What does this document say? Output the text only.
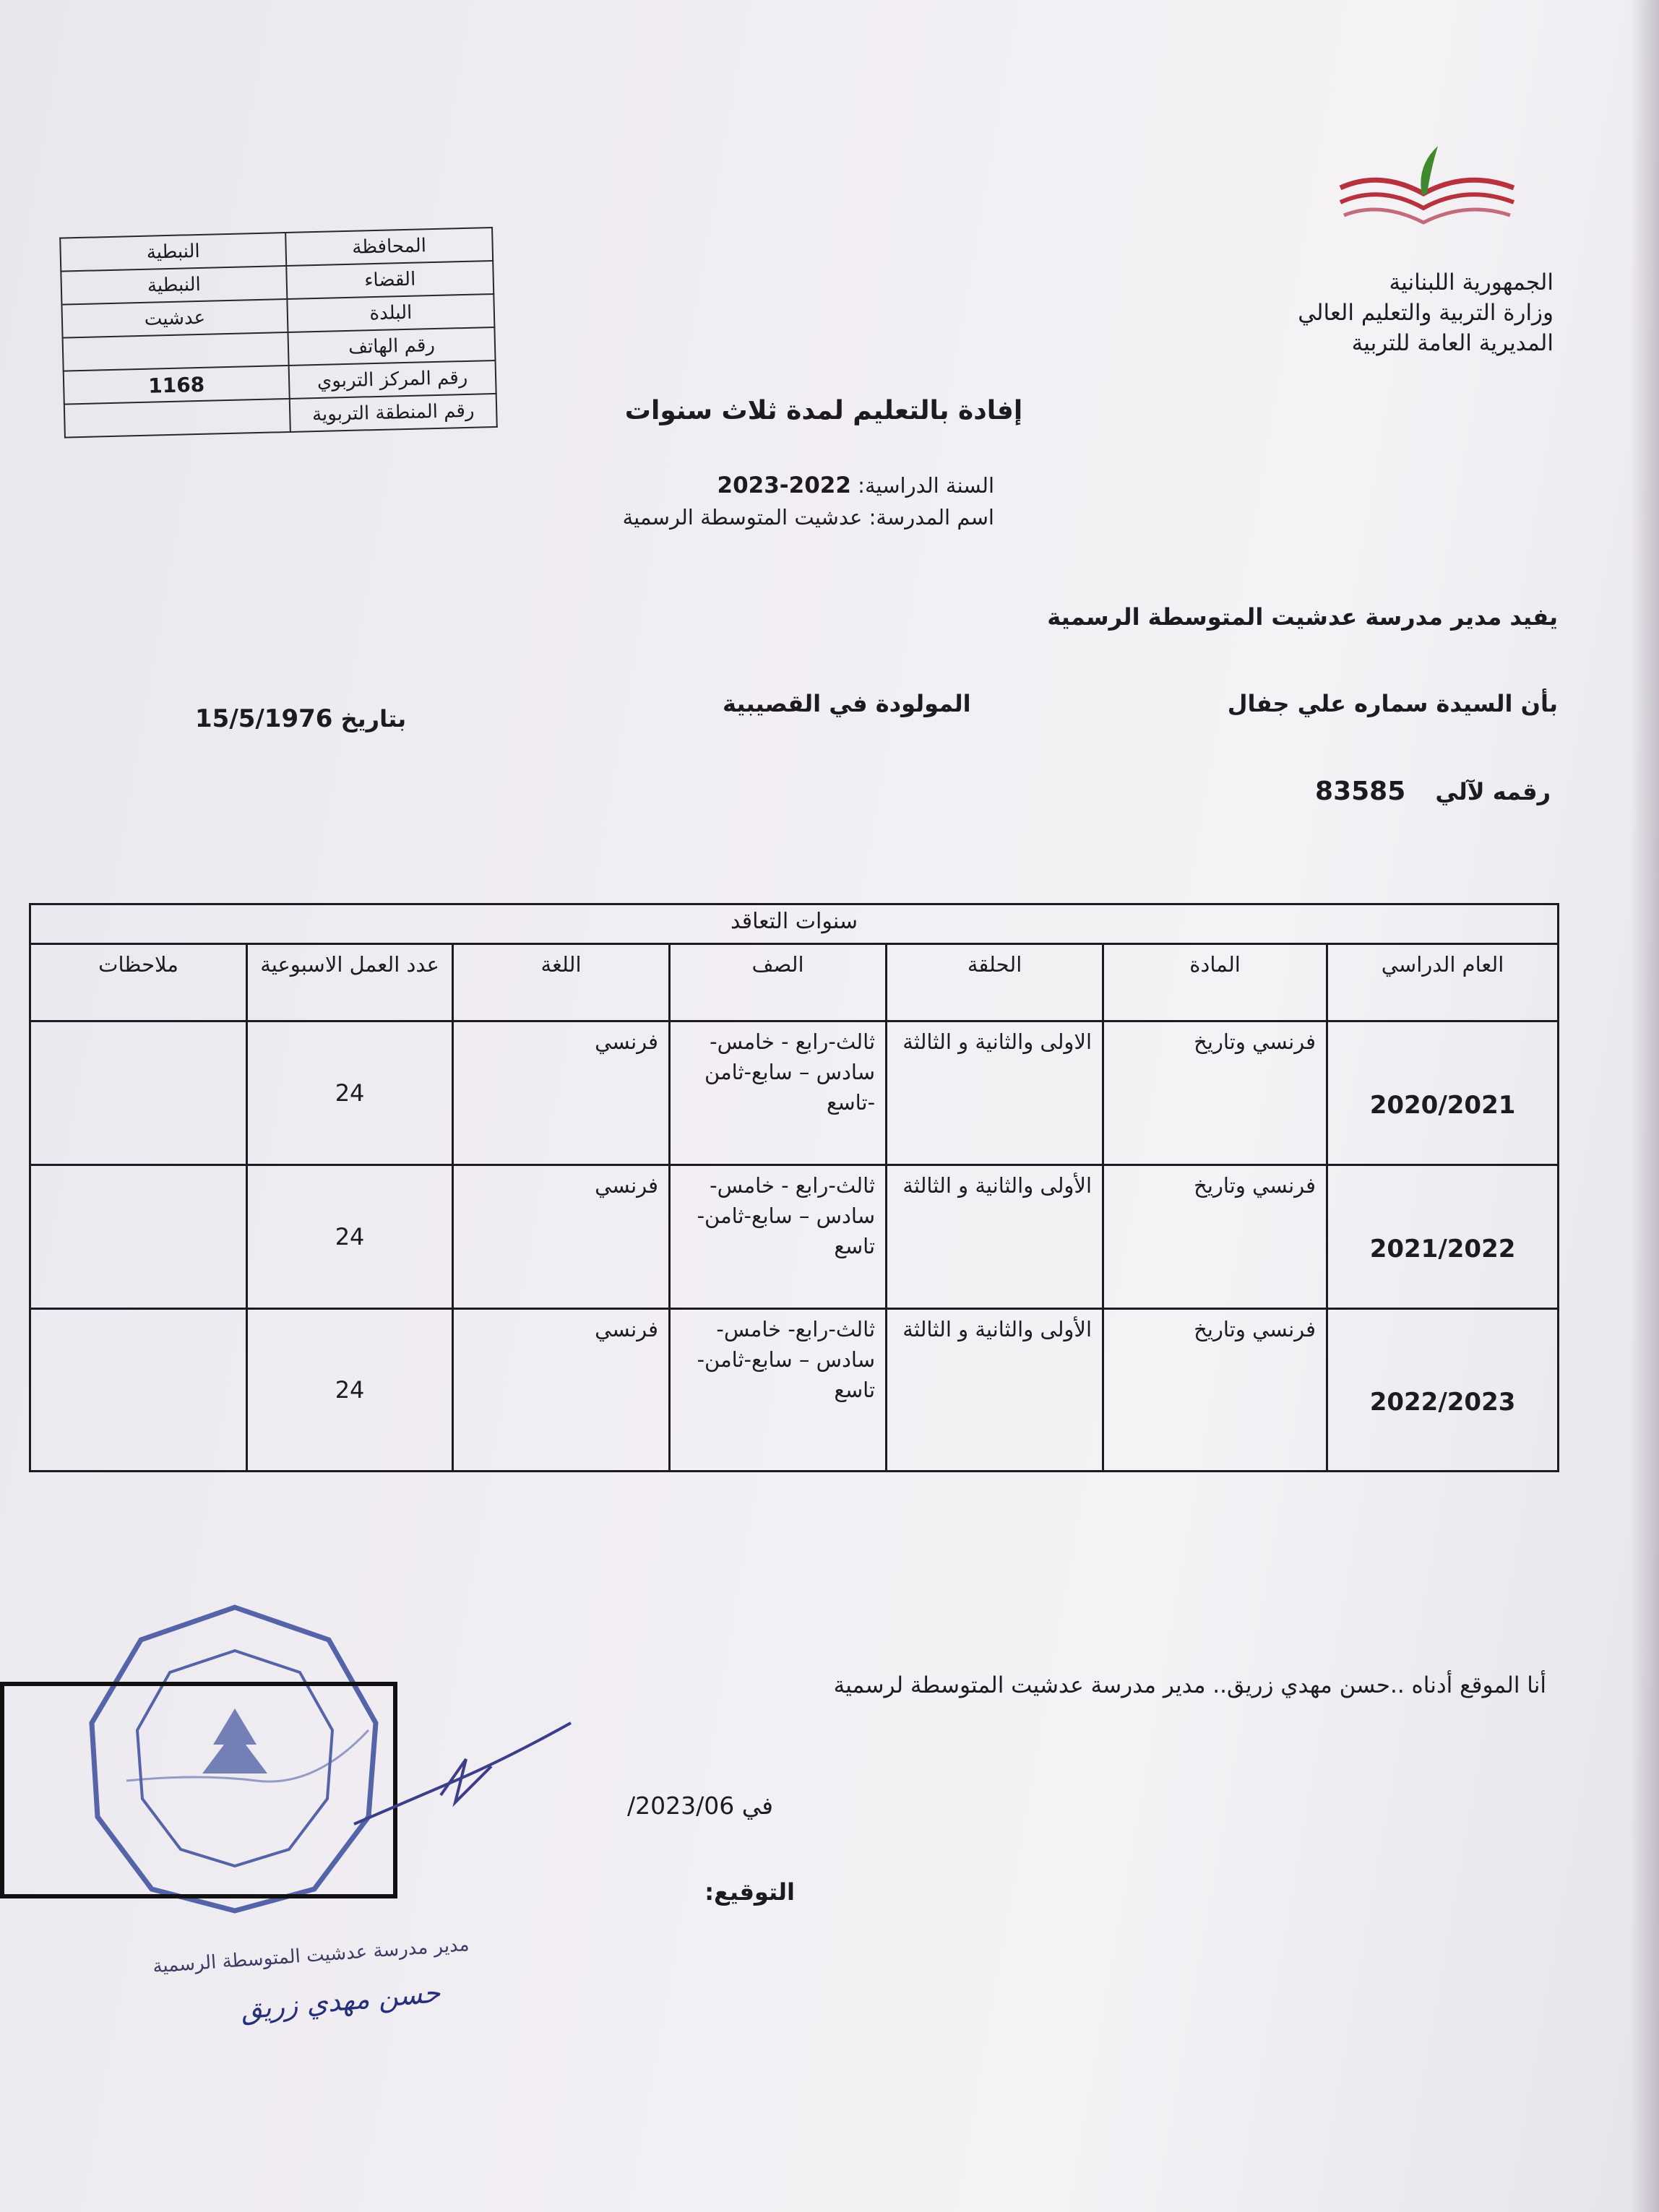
الجمهورية اللبنانية
وزارة التربية والتعليم العالي
المديرية العامة للتربية
المحافظة	النبطية
القضاء	النبطية
البلدة	عدشيت
رقم الهاتف	
رقم المركز التربوي	1168
رقم المنطقة التربوية		إفادة بالتعليم لمدة ثلاث سنوات
السنة الدراسية: 2022-2023
اسم المدرسة: عدشيت المتوسطة الرسمية
يفيد مدير مدرسة عدشيت المتوسطة الرسمية
بأن السيدة سماره علي جفال
المولودة في القصيبية
بتاريخ 15/5/1976
رقمه لآلي 83585
سنوات التعاقد						
العام الدراسي	المادة	الحلقة	الصف	اللغة	عدد العمل الاسبوعية	ملاحظات
2020/2021	فرنسي وتاريخ	الاولى والثانية و الثالثة	ثالث-رابع - خامس- سادس – سابع-ثامن -تاسع	فرنسي	24	
2021/2022	فرنسي وتاريخ	الأولى والثانية و الثالثة	ثالث-رابع - خامس- سادس – سابع-ثامن- تاسع	فرنسي	24	
2022/2023	فرنسي وتاريخ	الأولى والثانية و الثالثة	ثالث-رابع- خامس- سادس – سابع-ثامن- تاسع	فرنسي	24	
أنا الموقع أدناه ..حسن مهدي زريق.. مدير مدرسة عدشيت المتوسطة لرسمية
في 2023/06/
التوقيع:
مدير مدرسة عدشيت المتوسطة الرسمية
حسن مهدي زريق
